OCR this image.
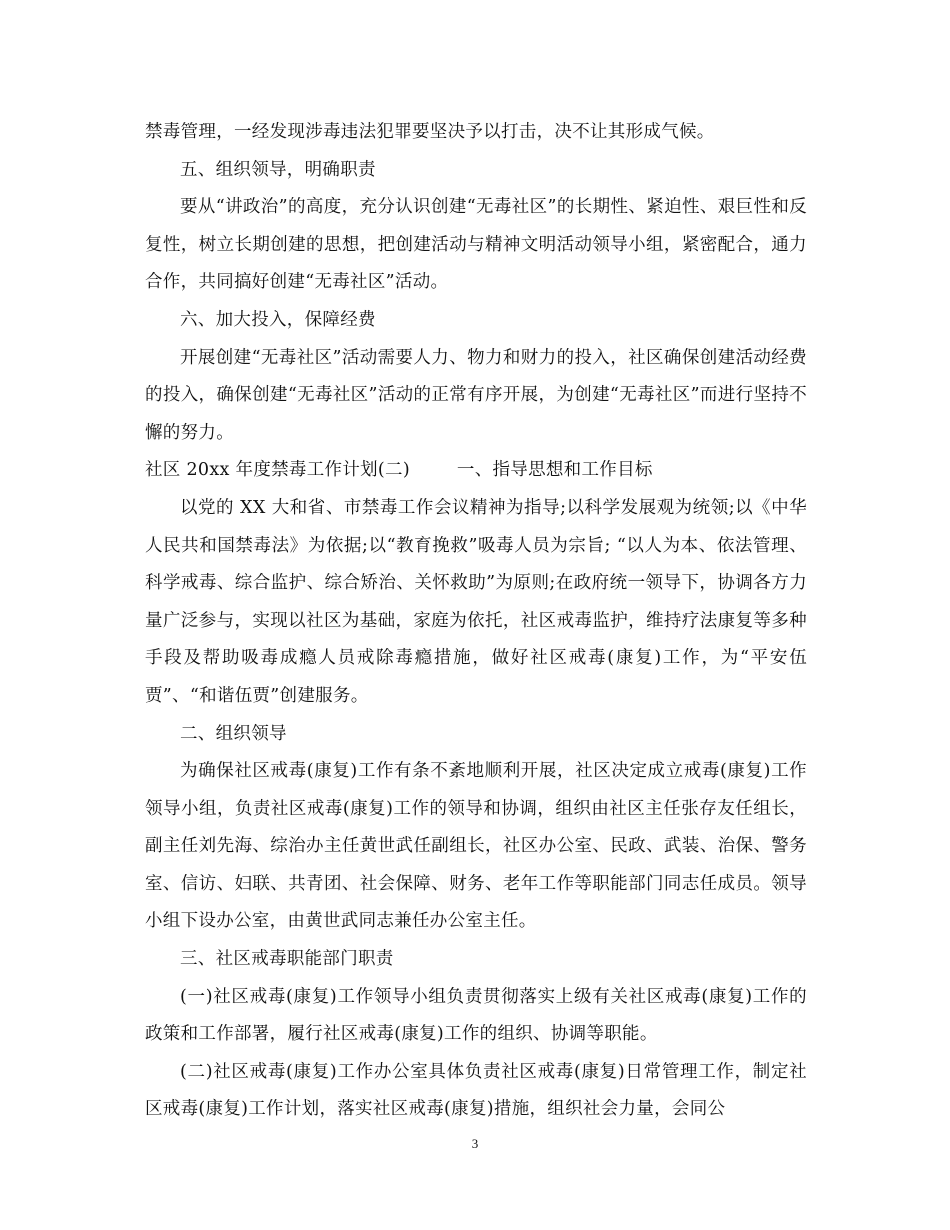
禁毒管理，一经发现涉毒违法犯罪要坚决予以打击，决不让其形成气候。

五、组织领导，明确职责

要从“讲政治”的高度，充分认识创建“无毒社区”的长期性、紧迫性、艰巨性和反复性，树立长期创建的思想，把创建活动与精神文明活动领导小组，紧密配合，通力合作，共同搞好创建“无毒社区”活动。

六、加大投入，保障经费

开展创建“无毒社区”活动需要人力、物力和财力的投入，社区确保创建活动经费的投入，确保创建“无毒社区”活动的正常有序开展，为创建“无毒社区”而进行坚持不懈的努力。

社区 20xx 年度禁毒工作计划(二)        一、指导思想和工作目标

以党的 XX 大和省、市禁毒工作会议精神为指导;以科学发展观为统领;以《中华人民共和国禁毒法》为依据;以“教育挽救”吸毒人员为宗旨; “以人为本、依法管理、科学戒毒、综合监护、综合矫治、关怀救助”为原则;在政府统一领导下，协调各方力量广泛参与，实现以社区为基础，家庭为依托，社区戒毒监护，维持疗法康复等多种手段及帮助吸毒成瘾人员戒除毒瘾措施，做好社区戒毒(康复)工作，为“平安伍贾”、“和谐伍贾”创建服务。

二、组织领导

为确保社区戒毒(康复)工作有条不紊地顺利开展，社区决定成立戒毒(康复)工作领导小组，负责社区戒毒(康复)工作的领导和协调，组织由社区主任张存友任组长，副主任刘先海、综治办主任黄世武任副组长，社区办公室、民政、武装、治保、警务室、信访、妇联、共青团、社会保障、财务、老年工作等职能部门同志任成员。领导小组下设办公室，由黄世武同志兼任办公室主任。

三、社区戒毒职能部门职责

(一)社区戒毒(康复)工作领导小组负责贯彻落实上级有关社区戒毒(康复)工作的政策和工作部署，履行社区戒毒(康复)工作的组织、协调等职能。

(二)社区戒毒(康复)工作办公室具体负责社区戒毒(康复)日常管理工作，制定社区戒毒(康复)工作计划，落实社区戒毒(康复)措施，组织社会力量，会同公

3
